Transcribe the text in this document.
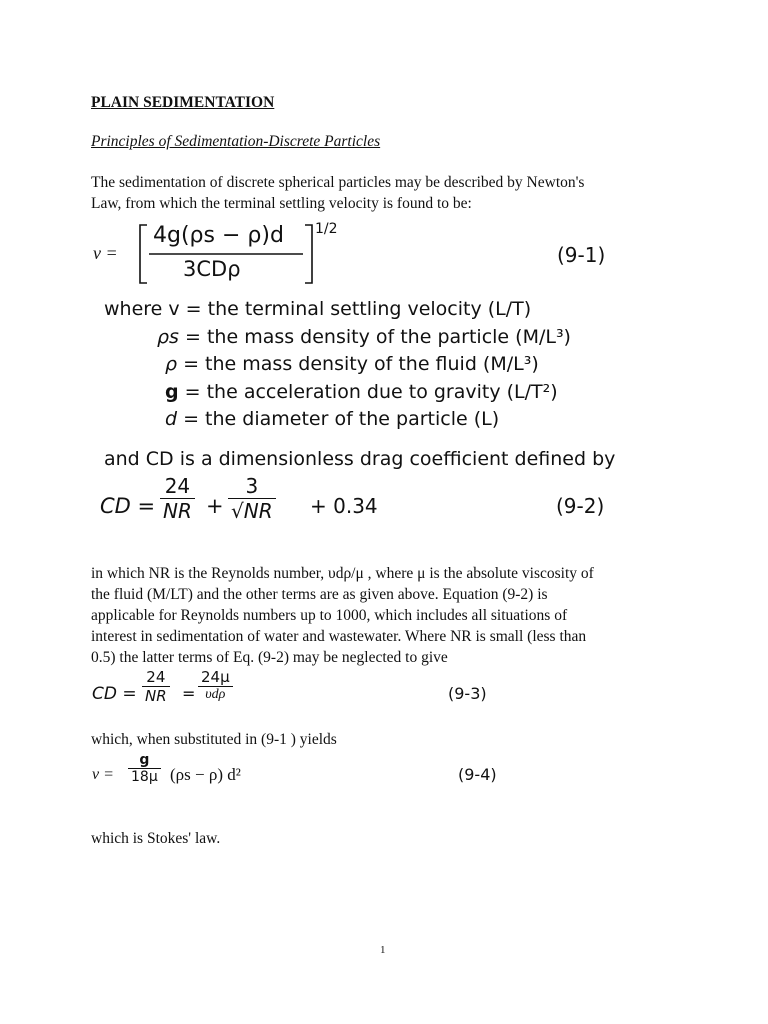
PLAIN SEDIMENTATION
Principles of Sedimentation-Discrete Particles
The sedimentation of discrete spherical particles may be described by Newton's
Law, from which the terminal settling velocity is found to be:
v =
4g(ρs − ρ)d
3CDρ
1/2
(9-1)
where v = the terminal settling velocity (L/T)
ρs = the mass density of the particle (M/L³)
ρ = the mass density of the fluid (M/L³)
g = the acceleration due to gravity (L/T²)
d = the diameter of the particle (L)
and CD is a dimensionless drag coefficient defined by
CD = $\frac{24}{NR} + \frac{3}{√NR} + 0.34$	(9-2)
in which NR is the Reynolds number, υdρ/μ , where μ is the absolute viscosity of
the fluid (M/LT) and the other terms are as given above. Equation (9-2) is
applicable for Reynolds numbers up to 1000, which includes all situations of
interest in sedimentation of water and wastewater. Where NR is small (less than
0.5) the latter terms of Eq. (9-2) may be neglected to give
CD = $\frac{24}{NR} = \frac{24\mu}{\text{υdρ}}$	(9-3)
which, when substituted in (9-1 ) yields
$v = \frac{g}{18\mu} (\rho s - \rho)$ d²	(9-4)
which is Stokes' law.
1
